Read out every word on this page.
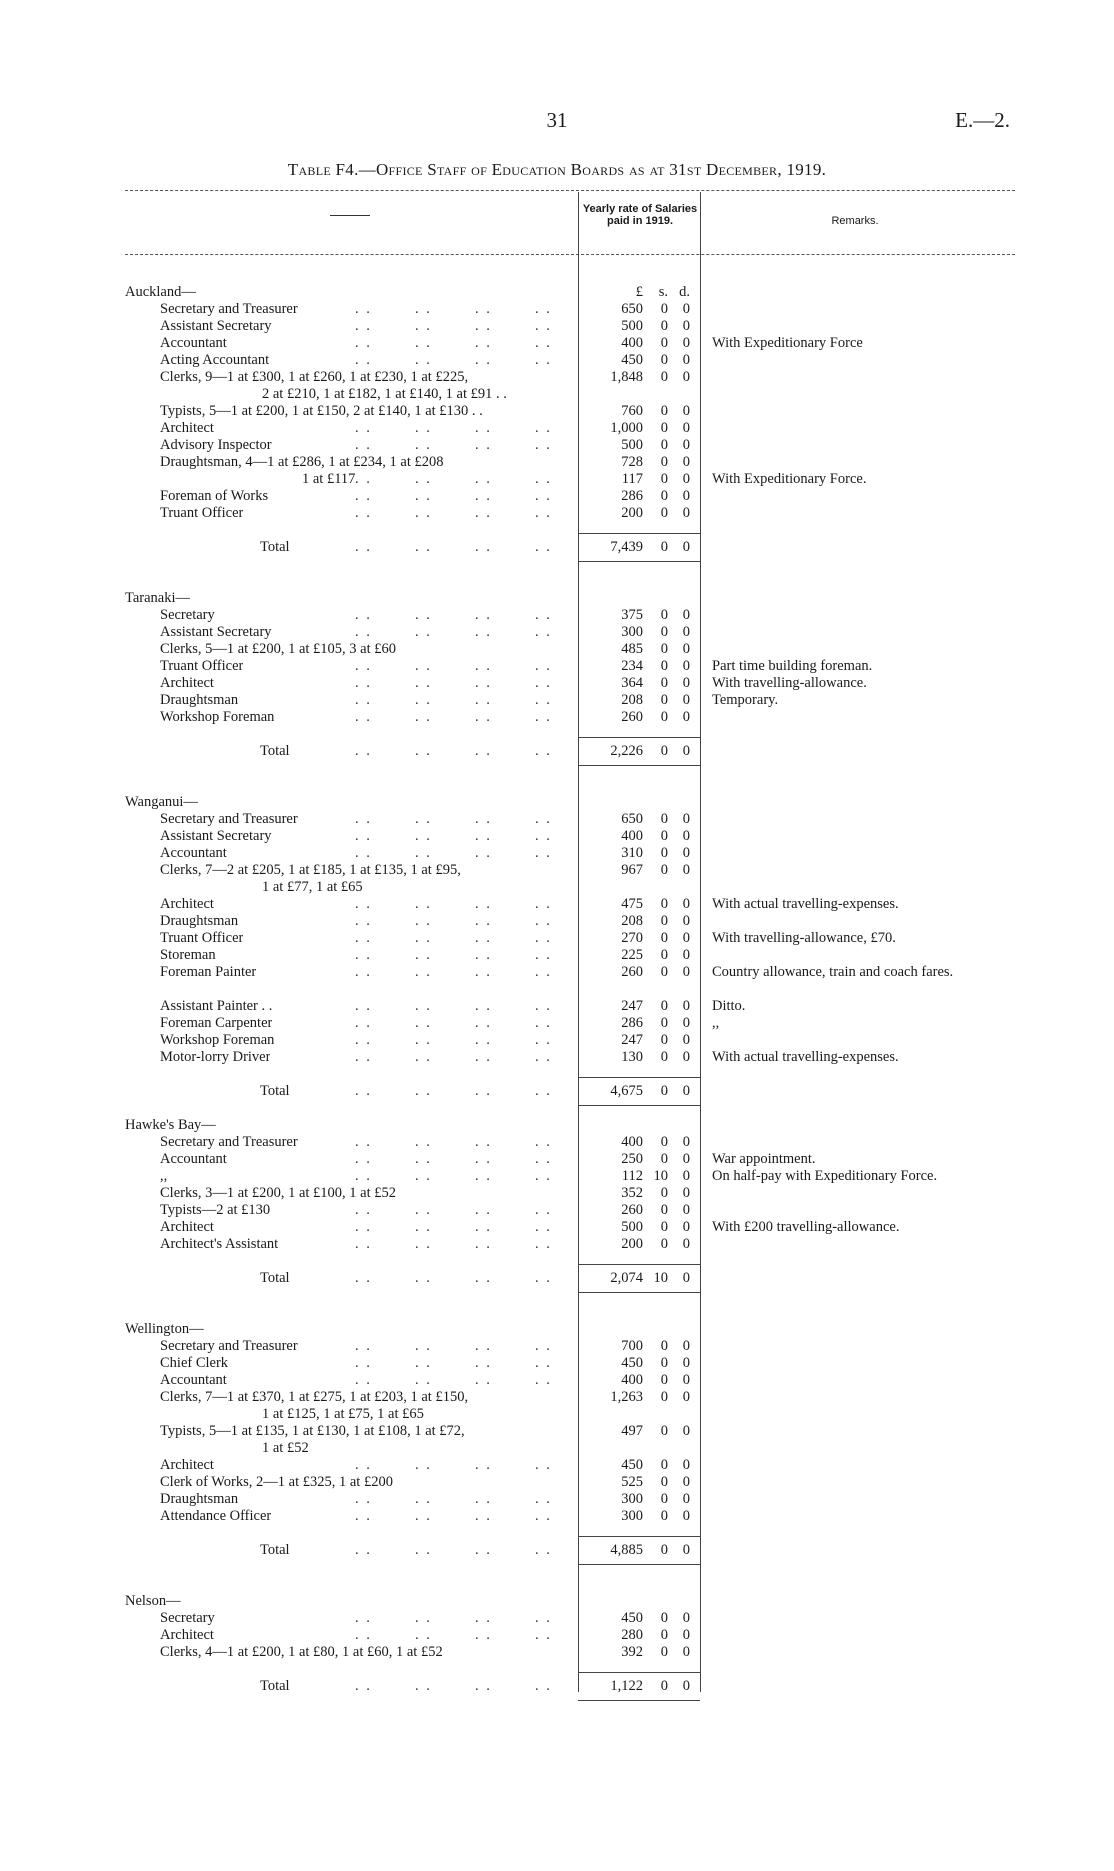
31	E.—2.
Table F4.—Office Staff of Education Boards as at 31st December, 1919.
Yearly rate of Salaries paid in 1919.	Remarks.
Auckland—	£	s. d.
Secretary and Treasurer	. .	. .	. .	. .	650	0	0
Assistant Secretary	. .	. .	. .	. .	500	0	0
Accountant	. .	. .	. .	. .	400	0	0 With Expeditionary Force
Acting Accountant	. .	. .	. .	. .	450	0	0
Clerks, 9—1 at £300, 1 at £260, 1 at £230, 1 at £225,	1,848	0	0
2 at £210, 1 at £182, 1 at £140, 1 at £91 . .
Typists, 5—1 at £200, 1 at £150, 2 at £140, 1 at £130 . .	760	0	0
Architect	. .	. .	. .	. .	1,000	0	0
Advisory Inspector	. .	. .	. .	. .	500	0	0
Draughtsman, 4—1 at £286, 1 at £234, 1 at £208	728	0	0
1 at £117 . .	. .	. .	. .	117	0	0 With Expeditionary Force.
Foreman of Works	. .	. .	. .	. .	286	0	0
Truant Officer	. .	. .	. .	. .	200	0	0
Total	. .	. .	. .	. .	7,439	0	0
Taranaki—
Secretary	. .	. .	. .	. .	375	0	0
Assistant Secretary	. .	. .	. .	. .	300	0	0
Clerks, 5—1 at £200, 1 at £105, 3 at £60	485	0	0
Truant Officer	. .	. .	. .	. .	234	0	0 Part time building foreman.
Architect	. .	. .	. .	. .	364	0	0 With travelling-allowance.
Draughtsman	. .	. .	. .	. .	208	0	0 Temporary.
Workshop Foreman	. .	. .	. .	. .	260	0	0
Total	. .	. .	. .	. .	2,226	0	0
Wanganui—
Secretary and Treasurer	. .	. .	. .	. .	650	0	0
Assistant Secretary	. .	. .	. .	. .	400	0	0
Accountant	. .	. .	. .	. .	310	0	0
Clerks, 7—2 at £205, 1 at £185, 1 at £135, 1 at £95,	967	0	0
1 at £77, 1 at £65
Architect	. .	. .	. .	. .	475	0	0 With actual travelling-expenses.
Draughtsman	. .	. .	. .	. .	208	0	0
Truant Officer	. .	. .	. .	. .	270	0	0 With travelling-allowance, £70.
Storeman	. .	. .	. .	. .	225	0	0
Foreman Painter	. .	. .	. .	. .	260	0	0 Country allowance, train and coach fares.
Assistant Painter . .	. .	. .	. .	. .	247	0	0 Ditto.
Foreman Carpenter	. .	. .	. .	. .	286	0	0 ,,
Workshop Foreman	. .	. .	. .	. .	247	0	0
Motor-lorry Driver	. .	. .	. .	. .	130	0	0 With actual travelling-expenses.
Total	. .	. .	. .	. .	4,675	0	0
Hawke's Bay—
Secretary and Treasurer	. .	. .	. .	. .	400	0	0
Accountant	. .	. .	. .	. .	250	0	0 War appointment.
,,	. .	. .	. .	. .	112 10	0 On half-pay with Expeditionary Force.
Clerks, 3—1 at £200, 1 at £100, 1 at £52	352	0	0
Typists—2 at £130	. .	. .	. .	. .	260	0	0
Architect	. .	. .	. .	. .	500	0	0 With £200 travelling-allowance.
Architect's Assistant	. .	. .	. .	. .	200	0	0
Total	. .	. .	. .	. .	2,074 10	0
Wellington—
Secretary and Treasurer	. .	. .	. .	. .	700	0	0
Chief Clerk	. .	. .	. .	. .	450	0	0
Accountant	. .	. .	. .	. .	400	0	0
Clerks, 7—1 at £370, 1 at £275, 1 at £203, 1 at £150,	1,263	0	0
1 at £125, 1 at £75, 1 at £65
Typists, 5—1 at £135, 1 at £130, 1 at £108, 1 at £72,	497	0	0
1 at £52
Architect	. .	. .	. .	. .	450	0	0
Clerk of Works, 2—1 at £325, 1 at £200	525	0	0
Draughtsman	. .	. .	. .	. .	300	0	0
Attendance Officer	. .	. .	. .	. .	300	0	0
Total	. .	. .	. .	. .	4,885	0	0
Nelson—
Secretary	. .	. .	. .	. .	450	0	0
Architect	. .	. .	. .	. .	280	0	0
Clerks, 4—1 at £200, 1 at £80, 1 at £60, 1 at £52	392	0	0
Total	. .	. .	. .	. .	1,122	0	0
